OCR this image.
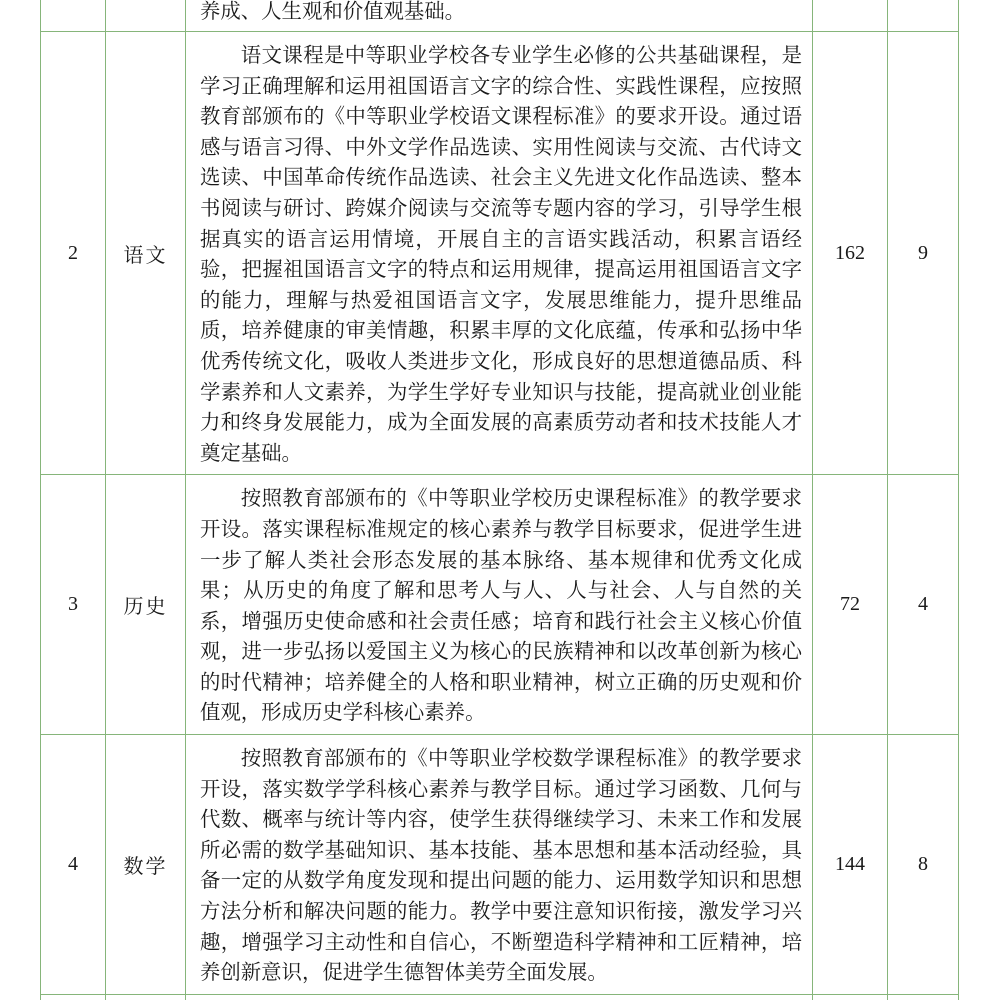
		养成、人生观和价值观基础。		

2	语文	语文课程是中等职业学校各专业学生必修的公共基础课程，是学习正确理解和运用祖国语言文字的综合性、实践性课程，应按照教育部颁布的《中等职业学校语文课程标准》的要求开设。通过语感与语言习得、中外文学作品选读、实用性阅读与交流、古代诗文选读、中国革命传统作品选读、社会主义先进文化作品选读、整本书阅读与研讨、跨媒介阅读与交流等专题内容的学习，引导学生根据真实的语言运用情境，开展自主的言语实践活动，积累言语经验，把握祖国语言文字的特点和运用规律，提高运用祖国语言文字的能力，理解与热爱祖国语言文字，发展思维能力，提升思维品质，培养健康的审美情趣，积累丰厚的文化底蕴，传承和弘扬中华优秀传统文化，吸收人类进步文化，形成良好的思想道德品质、科学素养和人文素养，为学生学好专业知识与技能，提高就业创业能力和终身发展能力，成为全面发展的高素质劳动者和技术技能人才奠定基础。	162	9
3	历史	按照教育部颁布的《中等职业学校历史课程标准》的教学要求开设。落实课程标准规定的核心素养与教学目标要求，促进学生进一步了解人类社会形态发展的基本脉络、基本规律和优秀文化成果；从历史的角度了解和思考人与人、人与社会、人与自然的关系，增强历史使命感和社会责任感；培育和践行社会主义核心价值观，进一步弘扬以爱国主义为核心的民族精神和以改革创新为核心的时代精神；培养健全的人格和职业精神，树立正确的历史观和价值观，形成历史学科核心素养。	72	4
4	数学	按照教育部颁布的《中等职业学校数学课程标准》的教学要求开设，落实数学学科核心素养与教学目标。通过学习函数、几何与代数、概率与统计等内容，使学生获得继续学习、未来工作和发展所必需的数学基础知识、基本技能、基本思想和基本活动经验，具备一定的从数学角度发现和提出问题的能力、运用数学知识和思想方法分析和解决问题的能力。教学中要注意知识衔接，激发学习兴趣，增强学习主动性和自信心，不断塑造科学精神和工匠精神，培养创新意识，促进学生德智体美劳全面发展。	144	8
